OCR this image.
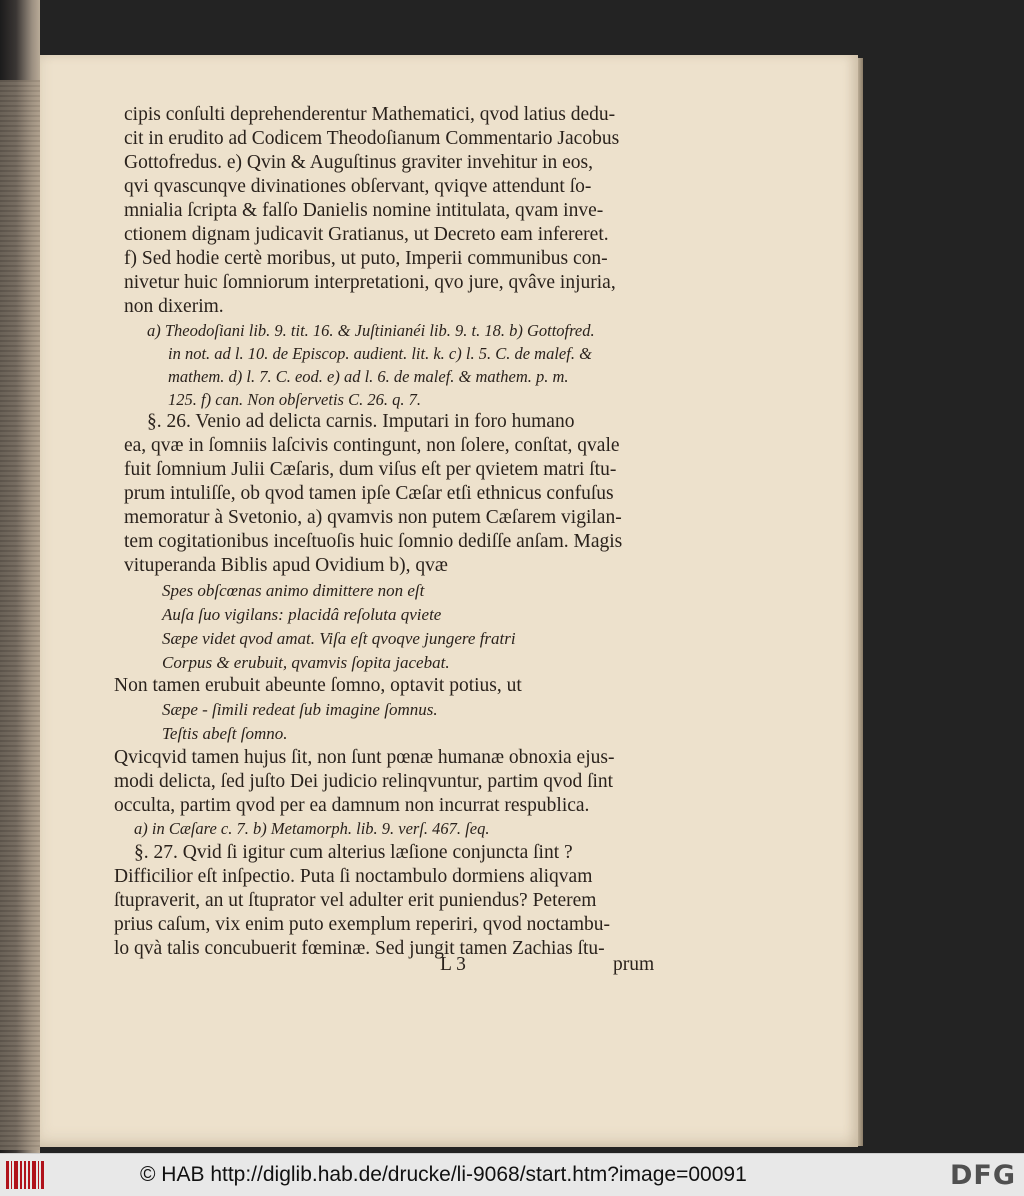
cipis conſulti deprehenderentur Mathematici, qvod latius dedu-
cit in erudito ad Codicem Theodoſianum Commentario Jacobus
Gottofredus. e) Qvin & Auguſtinus graviter invehitur in eos,
qvi qvascunqve divinationes obſervant, qviqve attendunt ſo-
mnialia ſcripta & falſo Danielis nomine intitulata, qvam inve-
ctionem dignam judicavit Gratianus, ut Decreto eam infereret.
f) Sed hodie certè moribus, ut puto, Imperii communibus con-
nivetur huic ſomniorum interpretationi, qvo jure, qvâve injuria,
non dixerim.
a) Theodoſiani lib. 9. tit. 16. & Juſtinianéi lib. 9. t. 18. b) Gottofred.
in not. ad l. 10. de Episcop. audient. lit. k. c) l. 5. C. de malef. &
mathem. d) l. 7. C. eod. e) ad l. 6. de malef. & mathem. p. m.
125. f) can. Non obſervetis C. 26. q. 7.
§. 26. Venio ad delicta carnis. Imputari in foro humano
ea, qvæ in ſomniis laſcivis contingunt, non ſolere, conſtat, qvale
fuit ſomnium Julii Cæſaris, dum viſus eſt per qvietem matri ſtu-
prum intuliſſe, ob qvod tamen ipſe Cæſar etſi ethnicus confuſus
memoratur à Svetonio, a) qvamvis non putem Cæſarem vigilan-
tem cogitationibus inceſtuoſis huic ſomnio dediſſe anſam. Magis
vituperanda Biblis apud Ovidium b), qvæ
Spes obſcœnas animo dimittere non eſt
Auſa ſuo vigilans: placidâ reſoluta qviete
Sæpe videt qvod amat. Viſa eſt qvoqve jungere fratri
Corpus & erubuit, qvamvis ſopita jacebat.
Non tamen erubuit abeunte ſomno, optavit potius, ut
Sæpe - ſimili redeat ſub imagine ſomnus.
Teſtis abeſt ſomno.
Qvicqvid tamen hujus ſit, non ſunt pœnæ humanæ obnoxia ejus-
modi delicta, ſed juſto Dei judicio relinqvuntur, partim qvod ſint
occulta, partim qvod per ea damnum non incurrat respublica.
a) in Cæſare c. 7. b) Metamorph. lib. 9. verſ. 467. ſeq.
§. 27. Qvid ſi igitur cum alterius læſione conjuncta ſint ?
Difficilior eſt inſpectio. Puta ſi noctambulo dormiens aliqvam
ſtupraverit, an ut ſtuprator vel adulter erit puniendus? Peterem
prius caſum, vix enim puto exemplum reperiri, qvod noctambu-
lo qvà talis concubuerit fœminæ. Sed jungit tamen Zachias ſtu-
L 3	prum
© HAB http://diglib.hab.de/drucke/li-9068/start.htm?image=00091	DFG
